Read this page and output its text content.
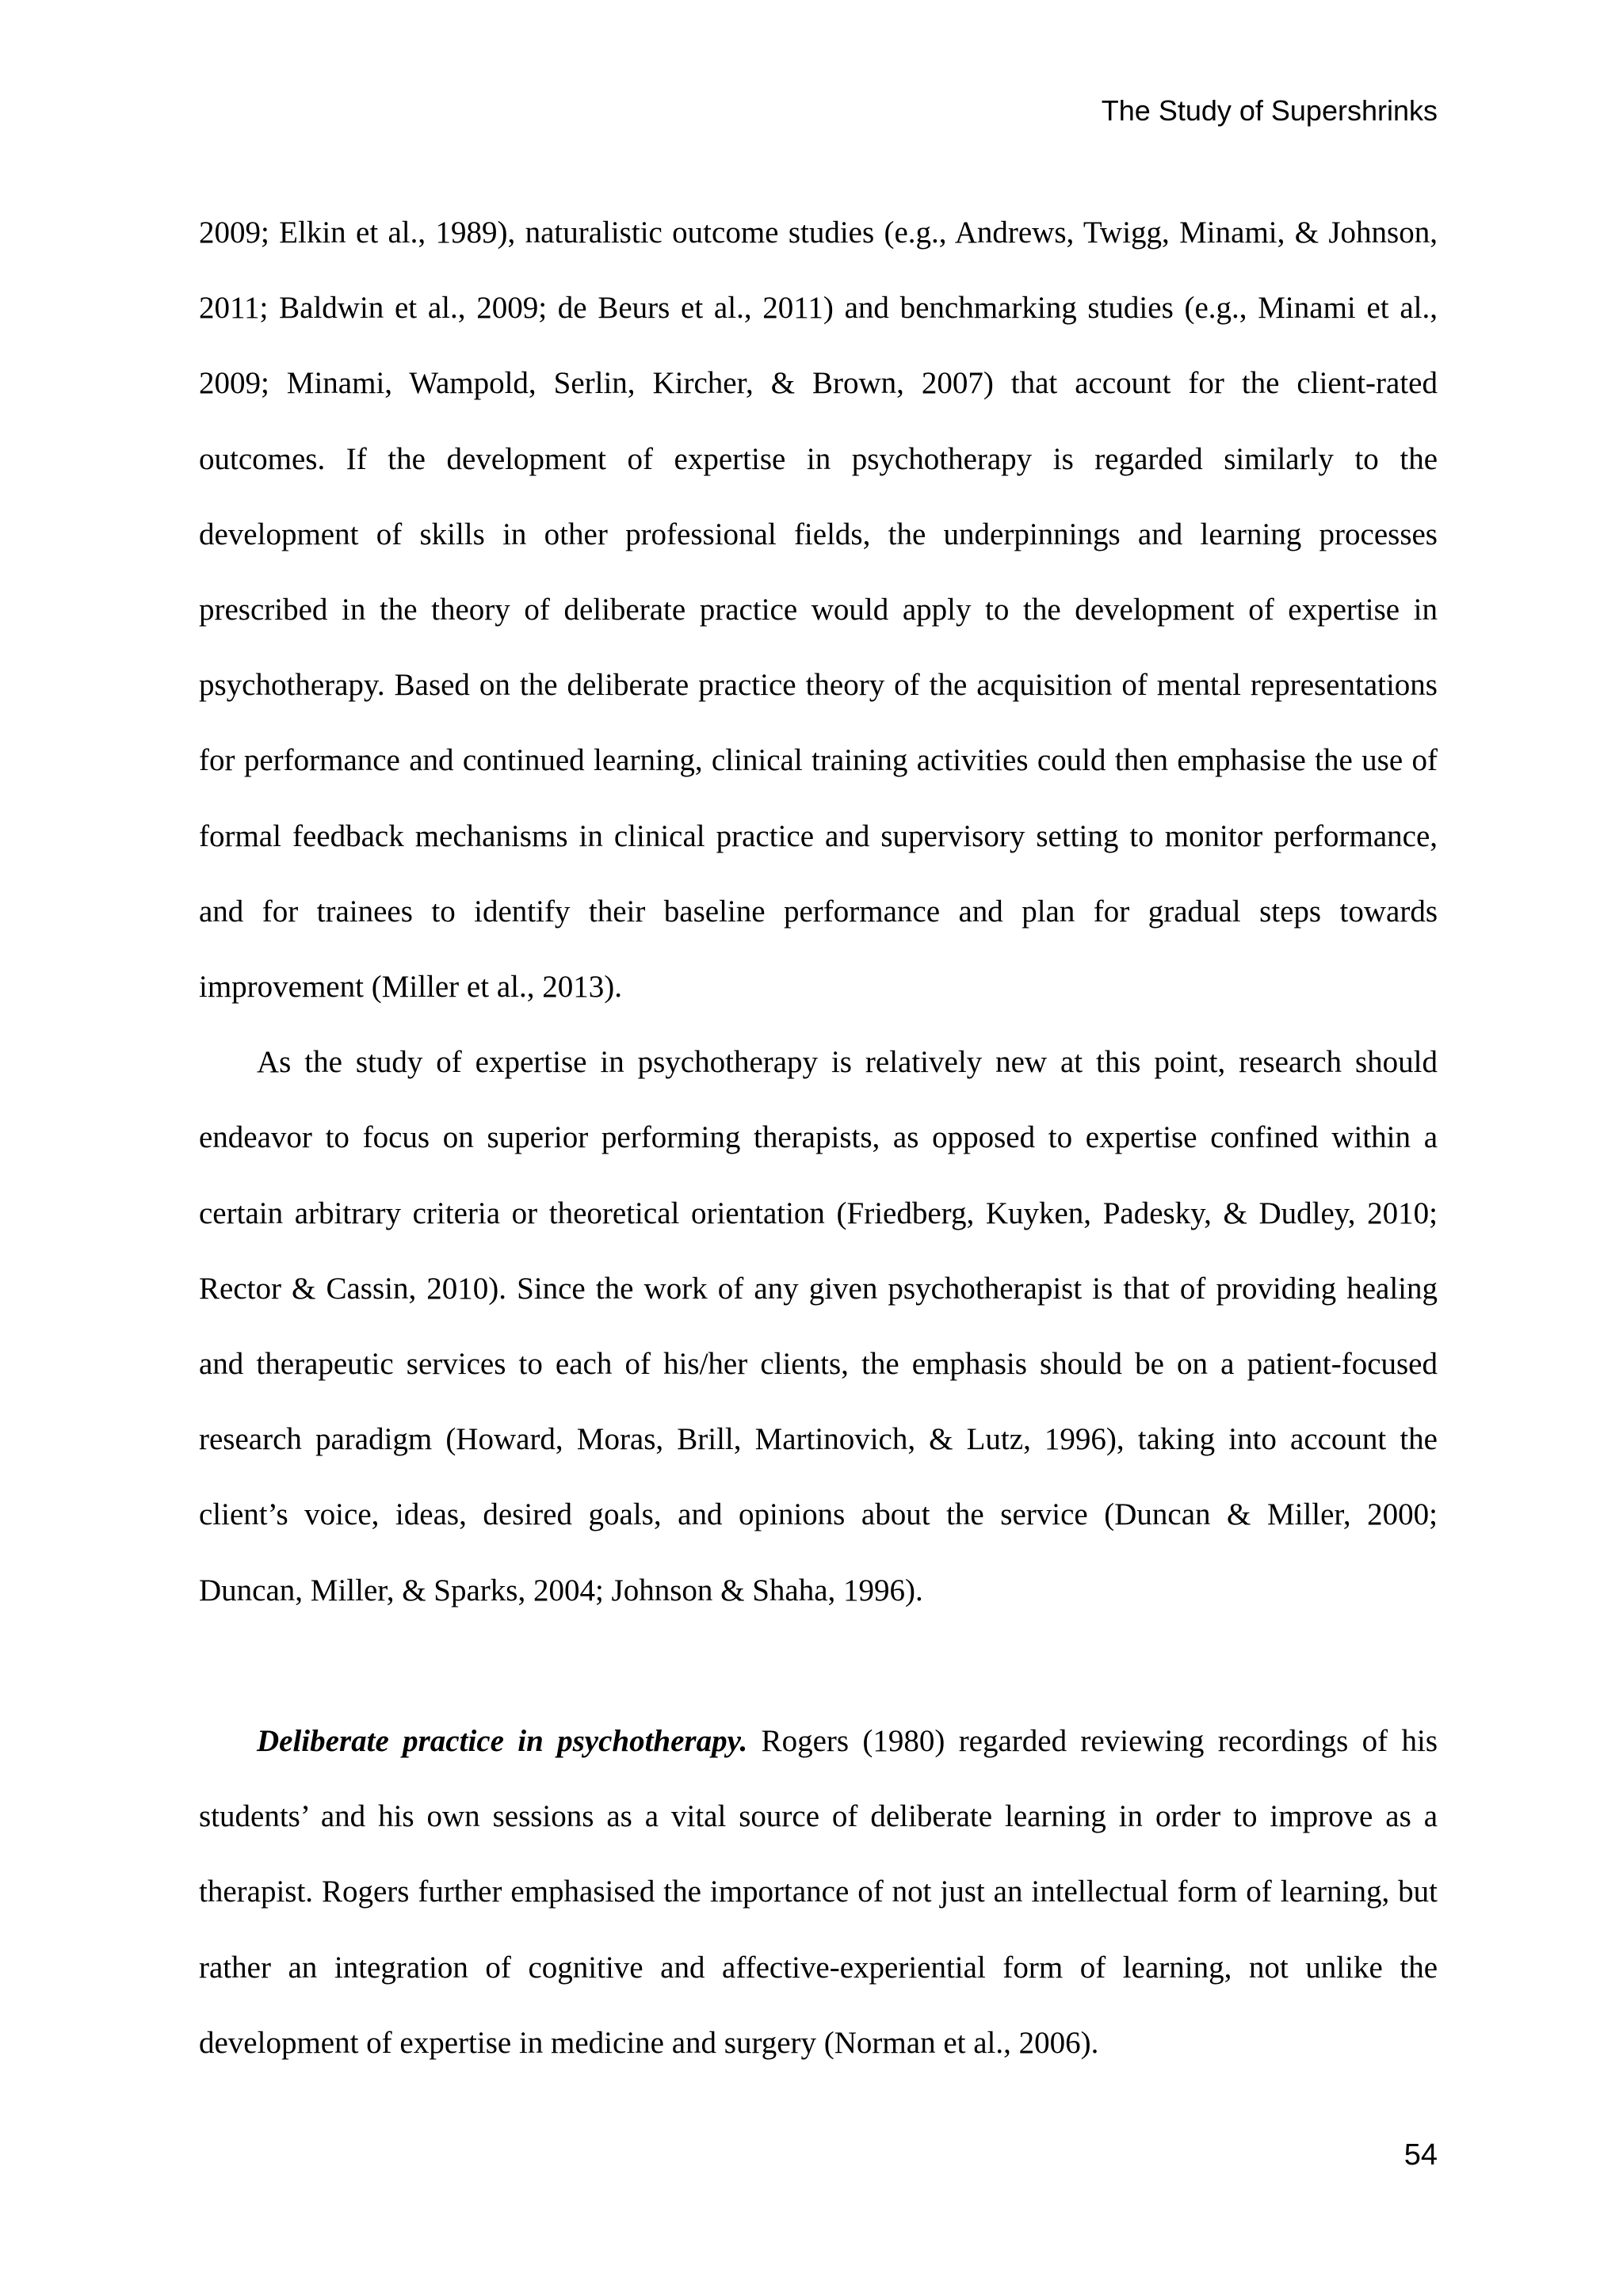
The Study of Supershrinks

2009; Elkin et al., 1989), naturalistic outcome studies (e.g., Andrews, Twigg, Minami, & Johnson, 2011; Baldwin et al., 2009; de Beurs et al., 2011) and benchmarking studies (e.g., Minami et al., 2009; Minami, Wampold, Serlin, Kircher, & Brown, 2007) that account for the client-rated outcomes. If the development of expertise in psychotherapy is regarded similarly to the development of skills in other professional fields, the underpinnings and learning processes prescribed in the theory of deliberate practice would apply to the development of expertise in psychotherapy. Based on the deliberate practice theory of the acquisition of mental representations for performance and continued learning, clinical training activities could then emphasise the use of formal feedback mechanisms in clinical practice and supervisory setting to monitor performance, and for trainees to identify their baseline performance and plan for gradual steps towards improvement (Miller et al., 2013).

As the study of expertise in psychotherapy is relatively new at this point, research should endeavor to focus on superior performing therapists, as opposed to expertise confined within a certain arbitrary criteria or theoretical orientation (Friedberg, Kuyken, Padesky, & Dudley, 2010; Rector & Cassin, 2010). Since the work of any given psychotherapist is that of providing healing and therapeutic services to each of his/her clients, the emphasis should be on a patient-focused research paradigm (Howard, Moras, Brill, Martinovich, & Lutz, 1996), taking into account the client’s voice, ideas, desired goals, and opinions about the service (Duncan & Miller, 2000; Duncan, Miller, & Sparks, 2004; Johnson & Shaha, 1996).

Deliberate practice in psychotherapy. Rogers (1980) regarded reviewing recordings of his students’ and his own sessions as a vital source of deliberate learning in order to improve as a therapist. Rogers further emphasised the importance of not just an intellectual form of learning, but rather an integration of cognitive and affective-experiential form of learning, not unlike the development of expertise in medicine and surgery (Norman et al., 2006).

54
